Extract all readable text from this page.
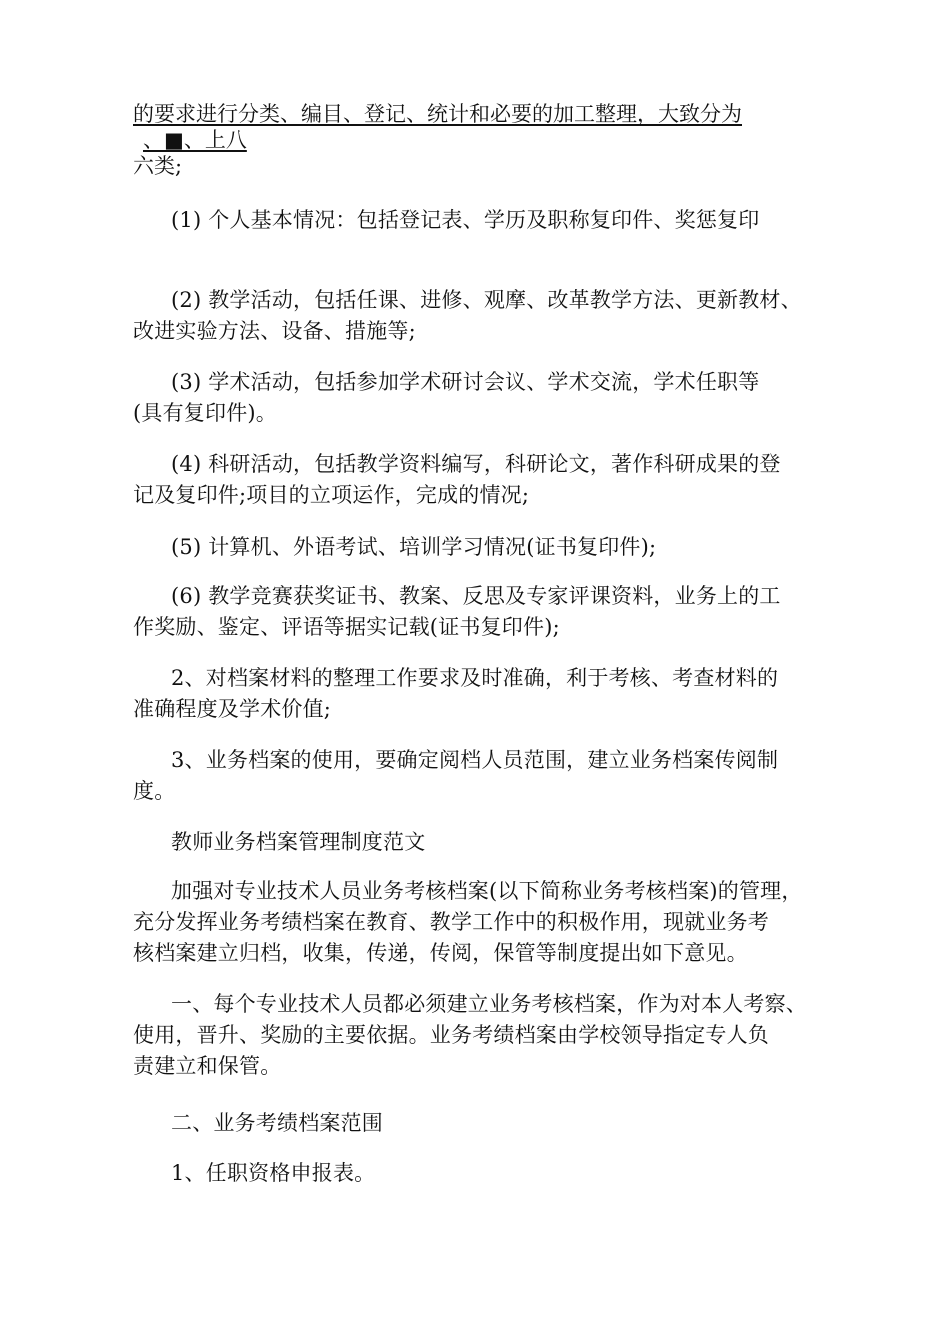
的要求进行分类、编目、登记、统计和必要的加工整理，大致分为
、■、上八
六类;
(1) 个人基本情况：包括登记表、学历及职称复印件、奖惩复印
(2) 教学活动，包括任课、进修、观摩、改革教学方法、更新教材、
改进实验方法、设备、措施等;
(3) 学术活动，包括参加学术研讨会议、学术交流，学术任职等
(具有复印件)。
(4) 科研活动，包括教学资料编写，科研论文，著作科研成果的登
记及复印件;项目的立项运作，完成的情况;
(5) 计算机、外语考试、培训学习情况(证书复印件);
(6) 教学竞赛获奖证书、教案、反思及专家评课资料，业务上的工
作奖励、鉴定、评语等据实记载(证书复印件);
2、对档案材料的整理工作要求及时准确，利于考核、考查材料的
准确程度及学术价值;
3、业务档案的使用，要确定阅档人员范围，建立业务档案传阅制
度。
教师业务档案管理制度范文
加强对专业技术人员业务考核档案(以下简称业务考核档案)的管理，
充分发挥业务考绩档案在教育、教学工作中的积极作用，现就业务考
核档案建立归档，收集，传递，传阅，保管等制度提出如下意见。
一、每个专业技术人员都必须建立业务考核档案，作为对本人考察、
使用，晋升、奖励的主要依据。业务考绩档案由学校领导指定专人负
责建立和保管。
二、业务考绩档案范围
1、任职资格申报表。
